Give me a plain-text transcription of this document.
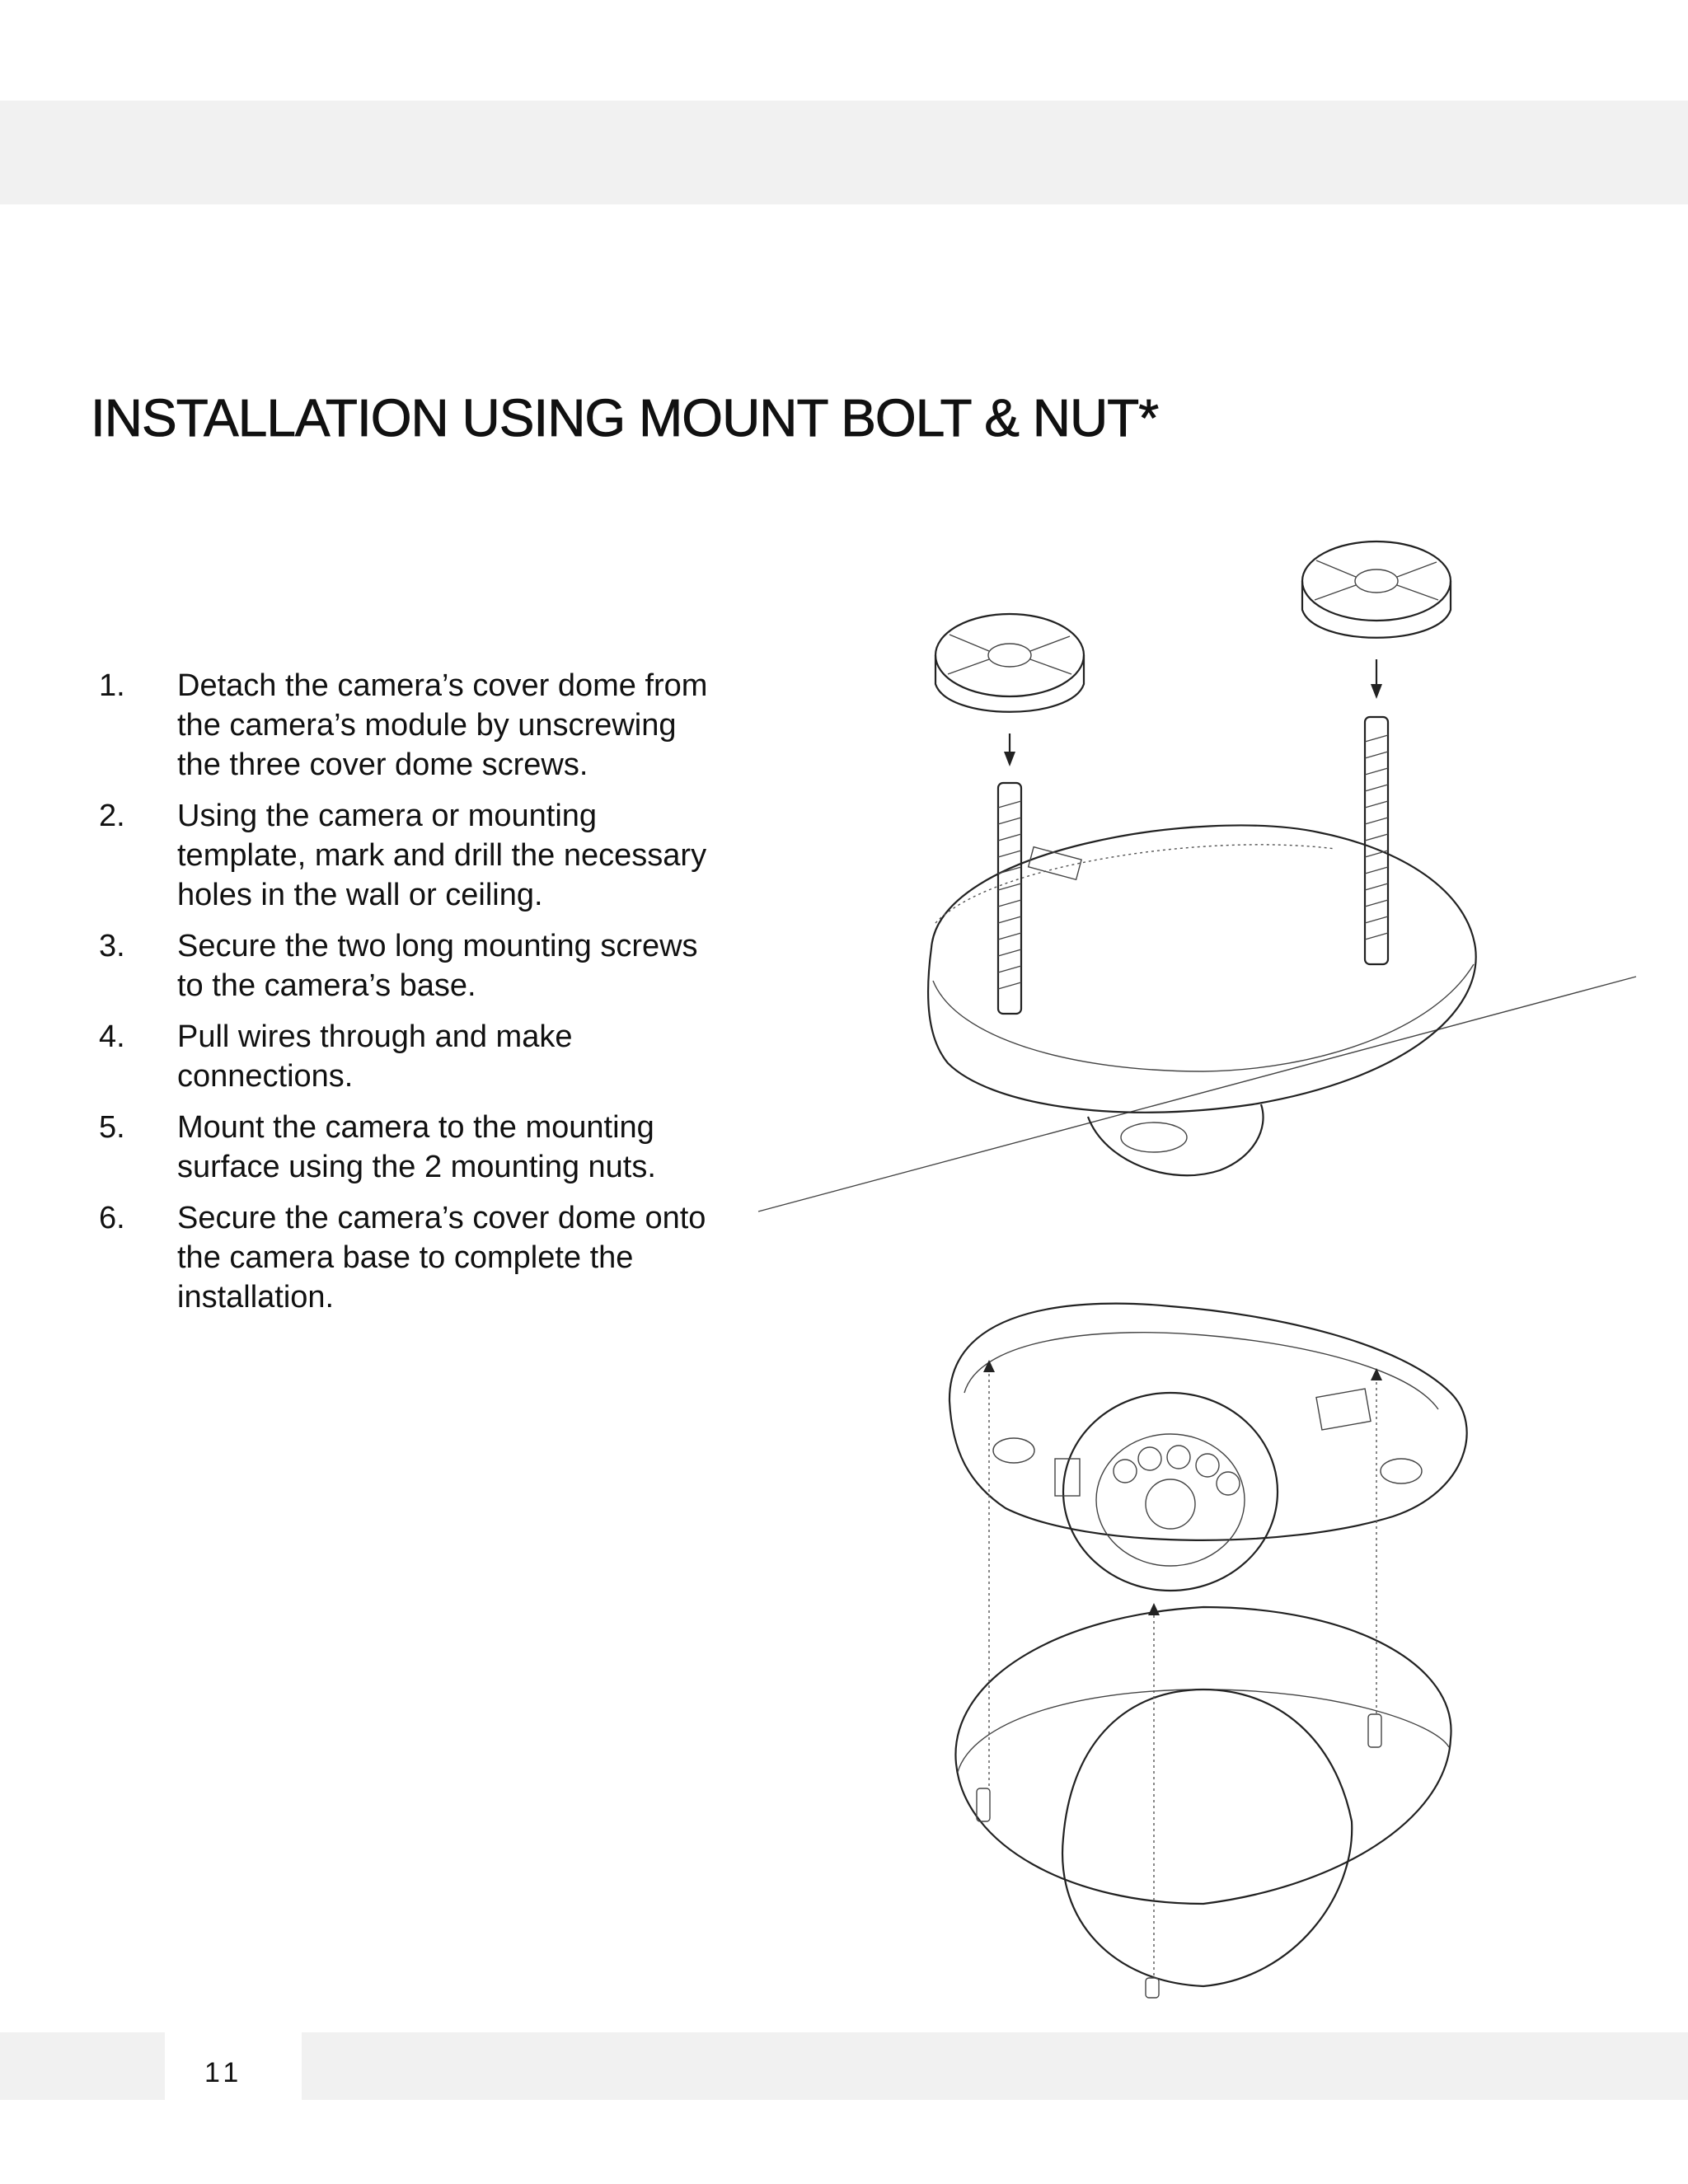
INSTALLATION USING MOUNT BOLT & NUT*
1.	Detach the camera’s cover dome from
the camera’s module by unscrewing
the three cover dome screws.
2.	Using the camera or mounting
template, mark and drill the necessary
holes in the wall or ceiling.
3.	Secure the two long mounting screws
to the camera’s base.
4.	Pull wires through and make
connections.
5.	Mount the camera to the mounting
surface using the 2 mounting nuts.
6.	Secure the camera’s cover dome onto
the camera base to complete the
installation.
11
